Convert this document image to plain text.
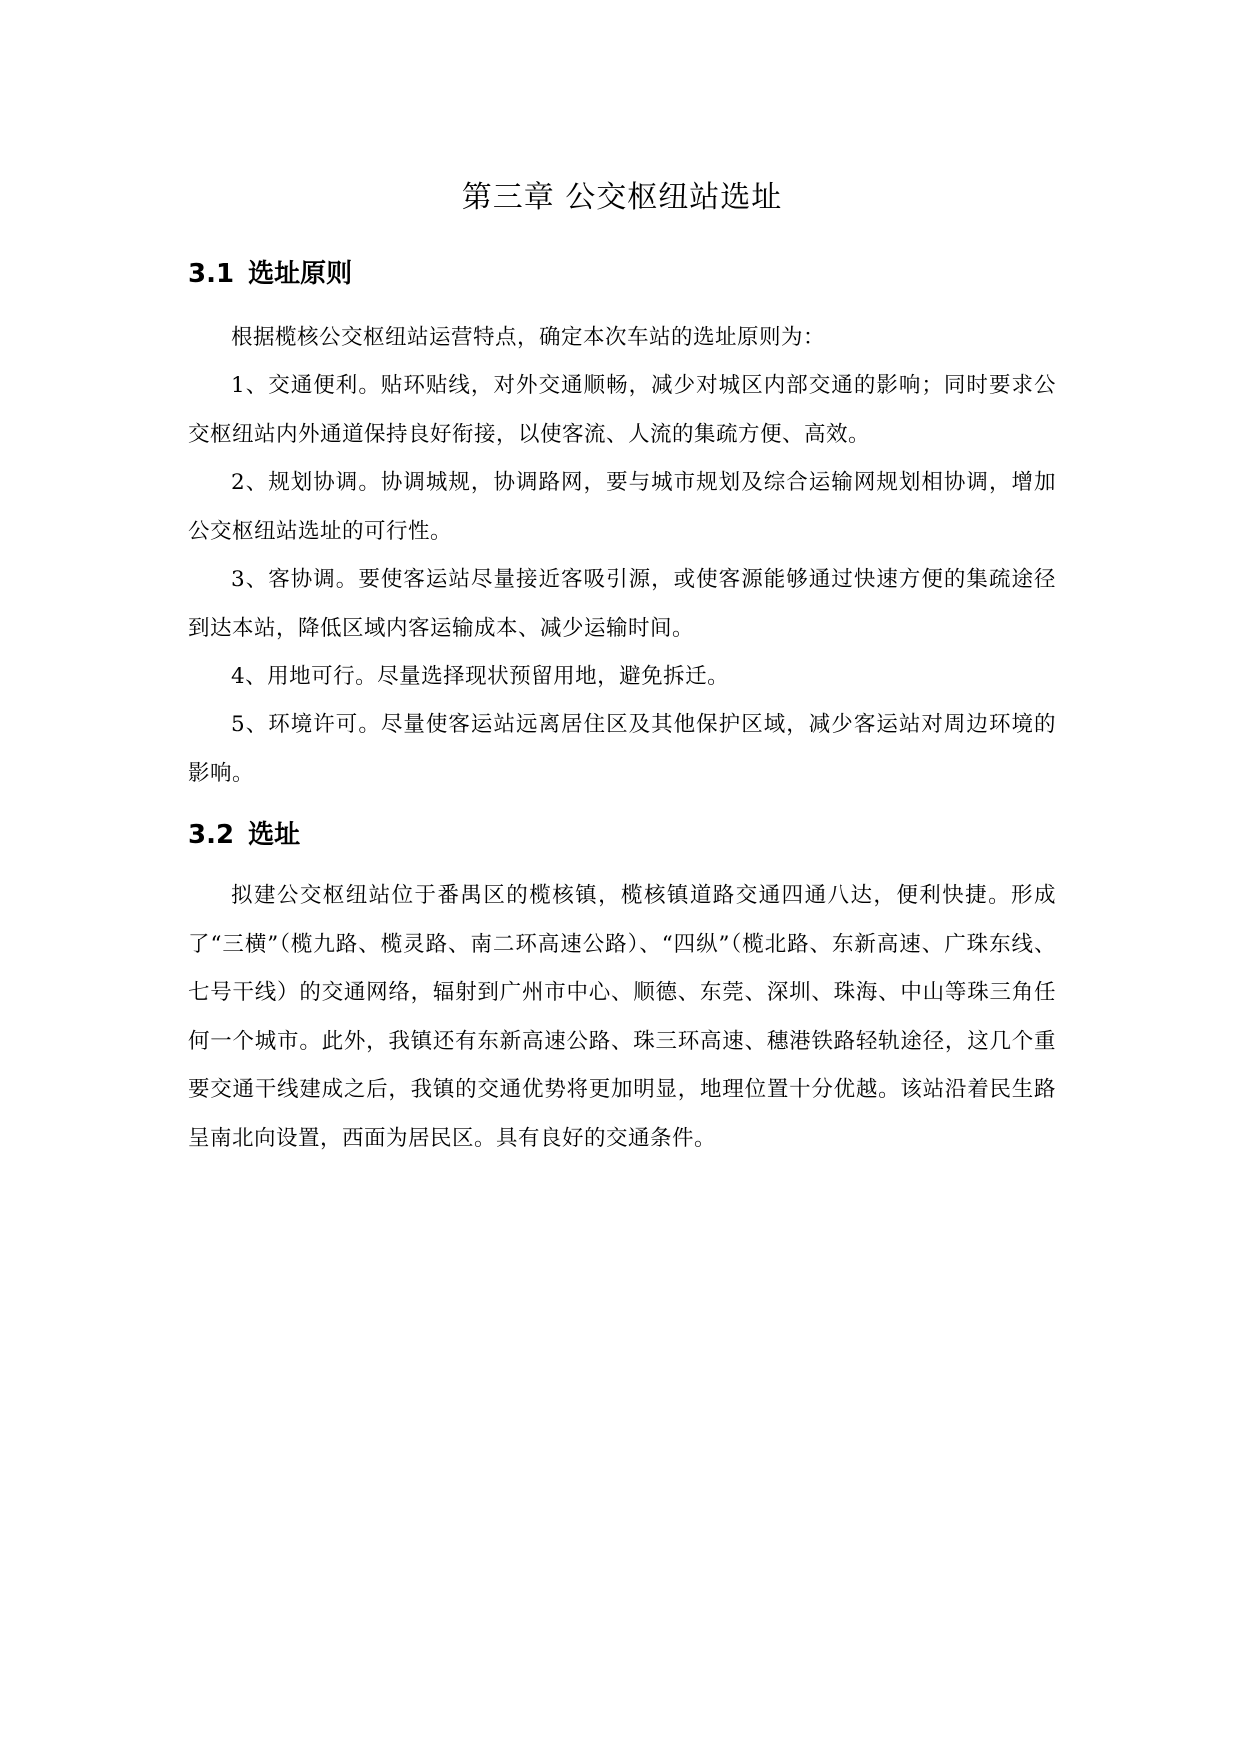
第三章 公交枢纽站选址
3.1 选址原则

根据榄核公交枢纽站运营特点，确定本次车站的选址原则为：

1、交通便利。贴环贴线，对外交通顺畅，减少对城区内部交通的影响；同时要求公交枢纽站内外通道保持良好衔接，以使客流、人流的集疏方便、高效。

2、规划协调。协调城规，协调路网，要与城市规划及综合运输网规划相协调，增加公交枢纽站选址的可行性。

3、客协调。要使客运站尽量接近客吸引源，或使客源能够通过快速方便的集疏途径到达本站，降低区域内客运输成本、减少运输时间。

4、用地可行。尽量选择现状预留用地，避免拆迁。

5、环境许可。尽量使客运站远离居住区及其他保护区域，减少客运站对周边环境的影响。

3.2 选址

拟建公交枢纽站位于番禺区的榄核镇，榄核镇道路交通四通八达，便利快捷。形成了“三横”（榄九路、榄灵路、南二环高速公路）、“四纵”（榄北路、东新高速、广珠东线、七号干线）的交通网络，辐射到广州市中心、顺德、东莞、深圳、珠海、中山等珠三角任何一个城市。此外，我镇还有东新高速公路、珠三环高速、穗港铁路轻轨途径，这几个重要交通干线建成之后，我镇的交通优势将更加明显，地理位置十分优越。该站沿着民生路呈南北向设置，西面为居民区。具有良好的交通条件。
